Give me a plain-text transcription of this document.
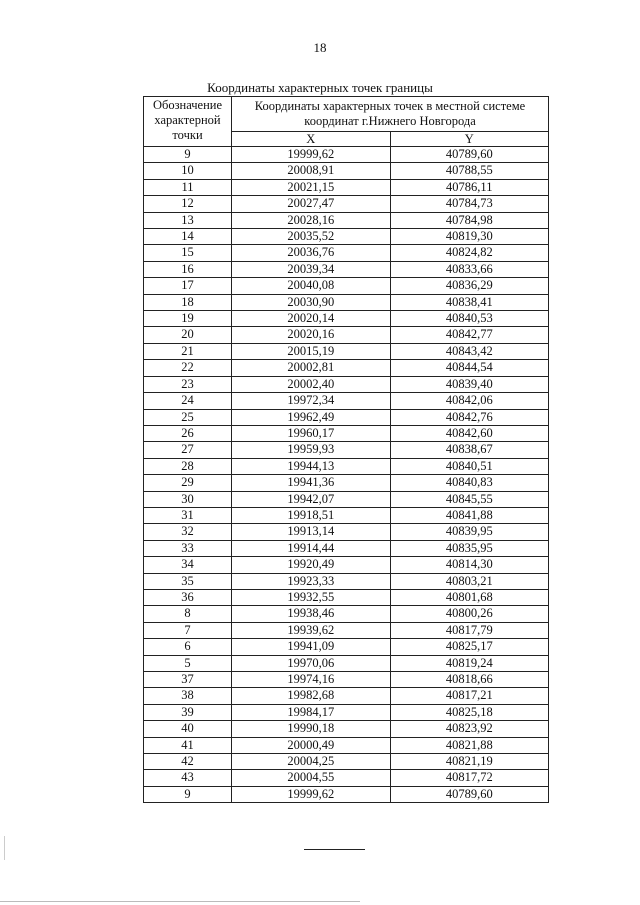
18
Координаты характерных точек границы
Обозначение характерной точки	Координаты характерных точек в местной системе координат г.Нижнего Новгорода	
	X	Y
9	19999,62	40789,60
10	20008,91	40788,55
11	20021,15	40786,11
12	20027,47	40784,73
13	20028,16	40784,98
14	20035,52	40819,30
15	20036,76	40824,82
16	20039,34	40833,66
17	20040,08	40836,29
18	20030,90	40838,41
19	20020,14	40840,53
20	20020,16	40842,77
21	20015,19	40843,42
22	20002,81	40844,54
23	20002,40	40839,40
24	19972,34	40842,06
25	19962,49	40842,76
26	19960,17	40842,60
27	19959,93	40838,67
28	19944,13	40840,51
29	19941,36	40840,83
30	19942,07	40845,55
31	19918,51	40841,88
32	19913,14	40839,95
33	19914,44	40835,95
34	19920,49	40814,30
35	19923,33	40803,21
36	19932,55	40801,68
8	19938,46	40800,26
7	19939,62	40817,79
6	19941,09	40825,17
5	19970,06	40819,24
37	19974,16	40818,66
38	19982,68	40817,21
39	19984,17	40825,18
40	19990,18	40823,92
41	20000,49	40821,88
42	20004,25	40821,19
43	20004,55	40817,72
9	19999,62	40789,60
